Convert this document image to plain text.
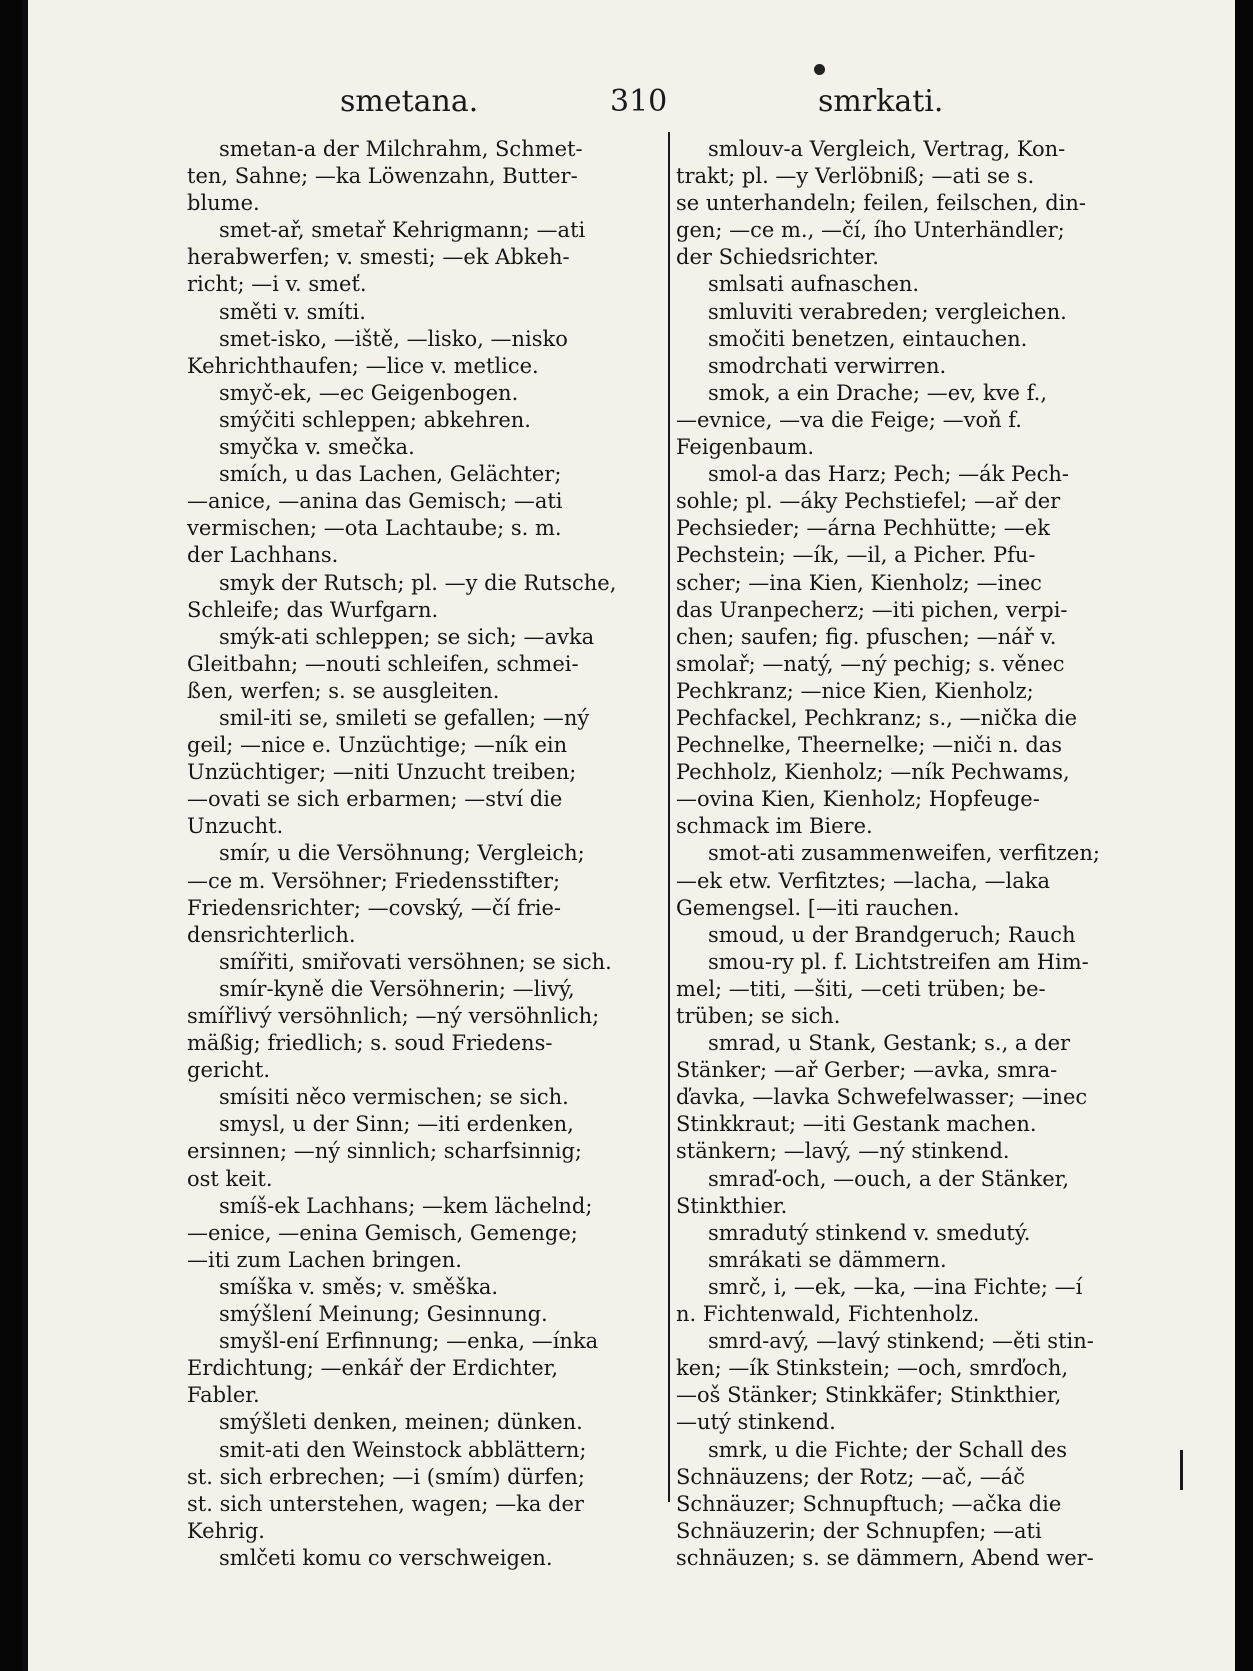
smetana.	310	smrkati.
smetan-a der Milchrahm, Schmet-
ten, Sahne; —ka Löwenzahn, Butter-
blume.
smet-ař, smetař Kehrigmann; —ati
herabwerfen; v. smesti; —ek Abkeh-
richt; —i v. smeť.
směti v. smíti.
smet-isko, —iště, —lisko, —nisko
Kehrichthaufen; —lice v. metlice.
smyč-ek, —ec Geigenbogen.
smýčiti schleppen; abkehren.
smyčka v. smečka.
smích, u das Lachen, Gelächter;
—anice, —anina das Gemisch; —ati
vermischen; —ota Lachtaube; s. m.
der Lachhans.
smyk der Rutsch; pl. —y die Rutsche,
Schleife; das Wurfgarn.
smýk-ati schleppen; se sich; —avka
Gleitbahn; —nouti schleifen, schmei-
ßen, werfen; s. se ausgleiten.
smil-iti se, smileti se gefallen; —ný
geil; —nice e. Unzüchtige; —ník ein
Unzüchtiger; —niti Unzucht treiben;
—ovati se sich erbarmen; —ství die
Unzucht.
smír, u die Versöhnung; Vergleich;
—ce m. Versöhner; Friedensstifter;
Friedensrichter; —covský, —čí frie-
densrichterlich.
smířiti, smiřovati versöhnen; se sich.
smír-kyně die Versöhnerin; —livý,
smířlivý versöhnlich; —ný versöhnlich;
mäßig; friedlich; s. soud Friedens-
gericht.
smísiti něco vermischen; se sich.
smysl, u der Sinn; —iti erdenken,
ersinnen; —ný sinnlich; scharfsinnig;
ost keit.
smíš-ek Lachhans; —kem lächelnd;
—enice, —enina Gemisch, Gemenge;
—iti zum Lachen bringen.
smíška v. směs; v. směška.
smýšlení Meinung; Gesinnung.
smyšl-ení Erfinnung; —enka, —ínka
Erdichtung; —enkář der Erdichter,
Fabler.
smýšleti denken, meinen; dünken.
smit-ati den Weinstock abblättern;
st. sich erbrechen; —i (smím) dürfen;
st. sich unterstehen, wagen; —ka der
Kehrig.
smlčeti komu co verschweigen.
smlouv-a Vergleich, Vertrag, Kon-
trakt; pl. —y Verlöbniß; —ati se s.
se unterhandeln; feilen, feilschen, din-
gen; —ce m., —čí, ího Unterhändler;
der Schiedsrichter.
smlsati aufnaschen.
smluviti verabreden; vergleichen.
smočiti benetzen, eintauchen.
smodrchati verwirren.
smok, a ein Drache; —ev, kve f.,
—evnice, —va die Feige; —voň f.
Feigenbaum.
smol-a das Harz; Pech; —ák Pech-
sohle; pl. —áky Pechstiefel; —ař der
Pechsieder; —árna Pechhütte; —ek
Pechstein; —ík, —il, a Picher. Pfu-
scher; —ina Kien, Kienholz; —inec
das Uranpecherz; —iti pichen, verpi-
chen; saufen; fig. pfuschen; —nář v.
smolař; —natý, —ný pechig; s. věnec
Pechkranz; —nice Kien, Kienholz;
Pechfackel, Pechkranz; s., —nička die
Pechnelke, Theernelke; —niči n. das
Pechholz, Kienholz; —ník Pechwams,
—ovina Kien, Kienholz; Hopfeuge-
schmack im Biere.
smot-ati zusammenweifen, verfitzen;
—ek etw. Verfitztes; —lacha, —laka
Gemengsel. [—iti rauchen.
smoud, u der Brandgeruch; Rauch
smou-ry pl. f. Lichtstreifen am Him-
mel; —titi, —šiti, —ceti trüben; be-
trüben; se sich.
smrad, u Stank, Gestank; s., a der
Stänker; —ař Gerber; —avka, smra-
ďavka, —lavka Schwefelwasser; —inec
Stinkkraut; —iti Gestank machen.
stänkern; —lavý, —ný stinkend.
smraď-och, —ouch, a der Stänker,
Stinkthier.
smradutý stinkend v. smedutý.
smrákati se dämmern.
smrč, i, —ek, —ka, —ina Fichte; —í
n. Fichtenwald, Fichtenholz.
smrd-avý, —lavý stinkend; —ěti stin-
ken; —ík Stinkstein; —och, smrďoch,
—oš Stänker; Stinkkäfer; Stinkthier,
—utý stinkend.
smrk, u die Fichte; der Schall des
Schnäuzens; der Rotz; —ač, —áč
Schnäuzer; Schnupftuch; —ačka die
Schnäuzerin; der Schnupfen; —ati
schnäuzen; s. se dämmern, Abend wer-
